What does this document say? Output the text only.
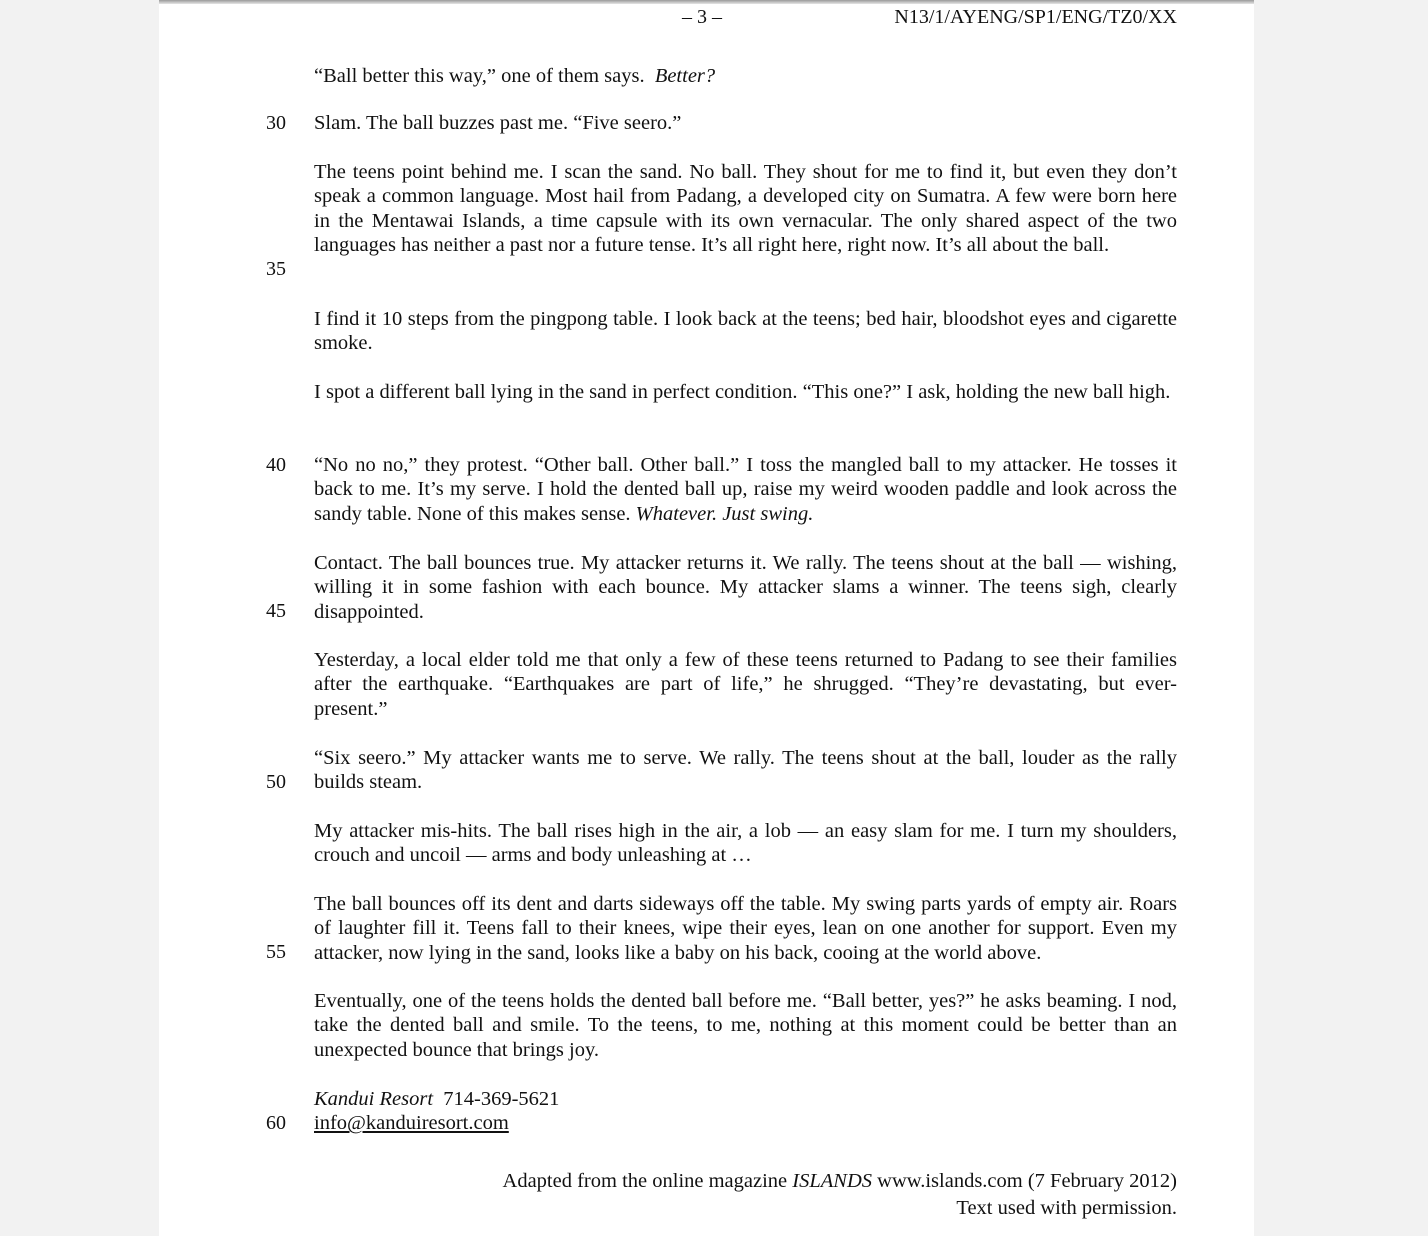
– 3 –	N13/1/AYENG/SP1/ENG/TZ0/XX
30
35
40
45
50
55
60

“Ball better this way,” one of them says. Better?

Slam. The ball buzzes past me. “Five seero.”

The teens point behind me. I scan the sand. No ball. They shout for me to find it, but even they don’t speak a common language. Most hail from Padang, a developed city on Sumatra. A few were born here in the Mentawai Islands, a time capsule with its own vernacular. The only shared aspect of the two languages has neither a past nor a future tense. It’s all right here, right now. It’s all about the ball.

I find it 10 steps from the pingpong table. I look back at the teens; bed hair, bloodshot eyes and cigarette smoke.

I spot a different ball lying in the sand in perfect condition. “This one?” I ask, holding the new ball high.

“No no no,” they protest. “Other ball. Other ball.” I toss the mangled ball to my attacker. He tosses it back to me. It’s my serve. I hold the dented ball up, raise my weird wooden paddle and look across the sandy table. None of this makes sense. Whatever. Just swing.

Contact. The ball bounces true. My attacker returns it. We rally. The teens shout at the ball — wishing, willing it in some fashion with each bounce. My attacker slams a winner. The teens sigh, clearly disappointed.

Yesterday, a local elder told me that only a few of these teens returned to Padang to see their families after the earthquake. “Earthquakes are part of life,” he shrugged. “They’re devastating, but ever-present.”

“Six seero.” My attacker wants me to serve. We rally. The teens shout at the ball, louder as the rally builds steam.

My attacker mis-hits. The ball rises high in the air, a lob — an easy slam for me. I turn my shoulders, crouch and uncoil — arms and body unleashing at …

The ball bounces off its dent and darts sideways off the table. My swing parts yards of empty air. Roars of laughter fill it. Teens fall to their knees, wipe their eyes, lean on one another for support. Even my attacker, now lying in the sand, looks like a baby on his back, cooing at the world above.

Eventually, one of the teens holds the dented ball before me. “Ball better, yes?” he asks beaming. I nod, take the dented ball and smile. To the teens, to me, nothing at this moment could be better than an unexpected bounce that brings joy.

Kandui Resort 714-369-5621
info@kanduiresort.com

Adapted from the online magazine ISLANDS www.islands.com (7 February 2012)
Text used with permission.
